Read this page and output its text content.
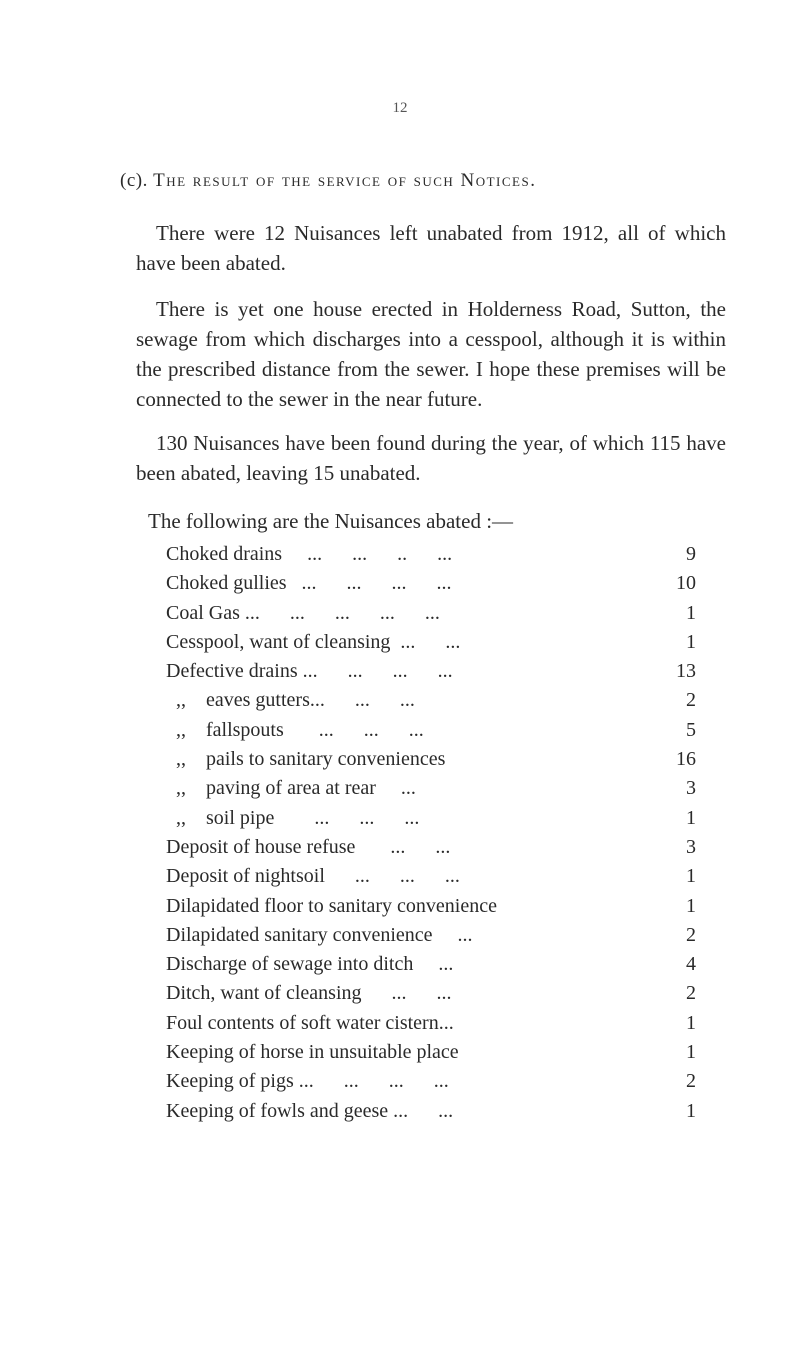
12
(c). The result of the service of such Notices.
There were 12 Nuisances left unabated from 1912, all of which have been abated.
There is yet one house erected in Holderness Road, Sutton, the sewage from which discharges into a cesspool, although it is within the prescribed distance from the sewer. I hope these premises will be connected to the sewer in the near future.
130 Nuisances have been found during the year, of which 115 have been abated, leaving 15 unabated.
The following are the Nuisances abated :—
Choked drains     ...      ...      ..      ...	9
Choked gullies   ...      ...      ...      ...	10
Coal Gas ...      ...      ...      ...      ...	1
Cesspool, want of cleansing  ...      ...	1
Defective drains ...      ...      ...      ...	13
,,    eaves gutters...      ...      ...	2
,,    fallspouts       ...      ...      ...	5
,,    pails to sanitary conveniences	16
,,    paving of area at rear     ...	3
,,    soil pipe        ...      ...      ...	1
Deposit of house refuse       ...      ...	3
Deposit of nightsoil      ...      ...      ...	1
Dilapidated floor to sanitary convenience	1
Dilapidated sanitary convenience     ...	2
Discharge of sewage into ditch     ...	4
Ditch, want of cleansing      ...      ...	2
Foul contents of soft water cistern...	1
Keeping of horse in unsuitable place	1
Keeping of pigs ...      ...      ...      ...	2
Keeping of fowls and geese ...      ...	1
